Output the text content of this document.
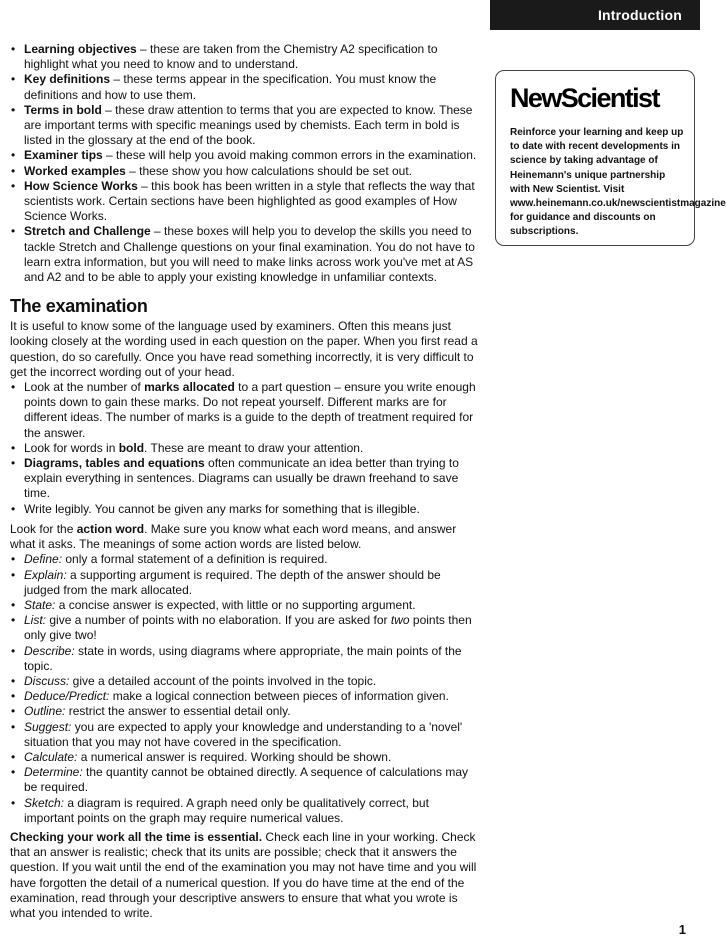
Introduction
NewScientist
Reinforce your learning and keep up to date with recent developments in science by taking advantage of Heinemann's unique partnership with New Scientist. Visit www.heinemann.co.uk/newscientistmagazine for guidance and discounts on subscriptions.
• Learning objectives – these are taken from the Chemistry A2 specification to highlight what you need to know and to understand.
• Key definitions – these terms appear in the specification. You must know the definitions and how to use them.
• Terms in bold – these draw attention to terms that you are expected to know. These are important terms with specific meanings used by chemists. Each term in bold is listed in the glossary at the end of the book.
• Examiner tips – these will help you avoid making common errors in the examination.
• Worked examples – these show you how calculations should be set out.
• How Science Works – this book has been written in a style that reflects the way that scientists work. Certain sections have been highlighted as good examples of How Science Works.
• Stretch and Challenge – these boxes will help you to develop the skills you need to tackle Stretch and Challenge questions on your final examination. You do not have to learn extra information, but you will need to make links across work you've met at AS and A2 and to be able to apply your existing knowledge in unfamiliar contexts.
The examination

It is useful to know some of the language used by examiners. Often this means just looking closely at the wording used in each question on the paper. When you first read a question, do so carefully. Once you have read something incorrectly, it is very difficult to get the incorrect wording out of your head.

• Look at the number of marks allocated to a part question – ensure you write enough points down to gain these marks. Do not repeat yourself. Different marks are for different ideas. The number of marks is a guide to the depth of treatment required for the answer.
• Look for words in bold. These are meant to draw your attention.
• Diagrams, tables and equations often communicate an idea better than trying to explain everything in sentences. Diagrams can usually be drawn freehand to save time.
• Write legibly. You cannot be given any marks for something that is illegible.

Look for the action word. Make sure you know what each word means, and answer what it asks. The meanings of some action words are listed below.

• Define: only a formal statement of a definition is required.
• Explain: a supporting argument is required. The depth of the answer should be judged from the mark allocated.
• State: a concise answer is expected, with little or no supporting argument.
• List: give a number of points with no elaboration. If you are asked for two points then only give two!
• Describe: state in words, using diagrams where appropriate, the main points of the topic.
• Discuss: give a detailed account of the points involved in the topic.
• Deduce/Predict: make a logical connection between pieces of information given.
• Outline: restrict the answer to essential detail only.
• Suggest: you are expected to apply your knowledge and understanding to a 'novel' situation that you may not have covered in the specification.
• Calculate: a numerical answer is required. Working should be shown.
• Determine: the quantity cannot be obtained directly. A sequence of calculations may be required.
• Sketch: a diagram is required. A graph need only be qualitatively correct, but important points on the graph may require numerical values.

Checking your work all the time is essential. Check each line in your working. Check that an answer is realistic; check that its units are possible; check that it answers the question. If you wait until the end of the examination you may not have time and you will have forgotten the detail of a numerical question. If you do have time at the end of the examination, read through your descriptive answers to ensure that what you wrote is what you intended to write.

1
